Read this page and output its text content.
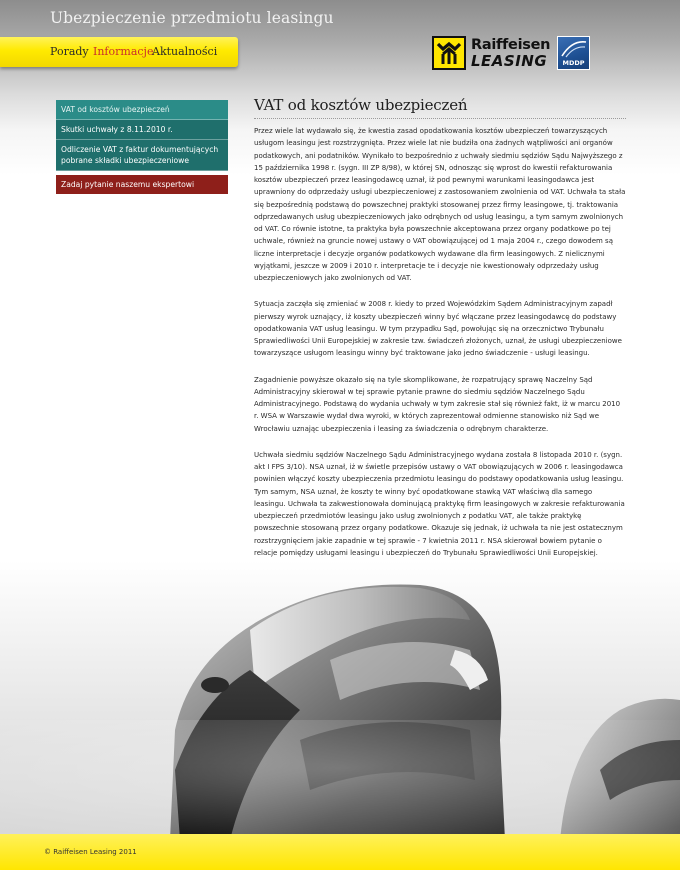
Ubezpieczenie przedmiotu leasingu
Porady Informacje
Aktualności	Raiffeisen
LEASING	MDDP
VAT od kosztów ubezpieczeń
Skutki uchwały z 8.11.2010 r.
Odliczenie VAT z faktur dokumentujących pobrane składki ubezpieczeniowe
Zadaj pytanie naszemu ekspertowi
VAT od kosztów ubezpieczeń

Przez wiele lat wydawało się, że kwestia zasad opodatkowania kosztów ubezpieczeń towarzyszących usługom leasingu jest rozstrzygnięta. Przez wiele lat nie budziła ona żadnych wątpliwości ani organów podatkowych, ani podatników. Wynikało to bezpośrednio z uchwały siedmiu sędziów Sądu Najwyższego z 15 października 1998 r. (sygn. III ZP 8/98), w której SN, odnosząc się wprost do kwestii refakturowania kosztów ubezpieczeń przez leasingodawcę uznał, iż pod pewnymi warunkami leasingodawca jest uprawniony do odprzedaży usługi ubezpieczeniowej z zastosowaniem zwolnienia od VAT. Uchwała ta stała się bezpośrednią podstawą do powszechnej praktyki stosowanej przez firmy leasingowe, tj. traktowania odprzedawanych usług ubezpieczeniowych jako odrębnych od usług leasingu, a tym samym zwolnionych od VAT. Co równie istotne, ta praktyka była powszechnie akceptowana przez organy podatkowe po tej uchwale, również na gruncie nowej ustawy o VAT obowiązującej od 1 maja 2004 r., czego dowodem są liczne interpretacje i decyzje organów podatkowych wydawane dla firm leasingowych. Z nielicznymi wyjątkami, jeszcze w 2009 i 2010 r. interpretacje te i decyzje nie kwestionowały odprzedaży usług ubezpieczeniowych jako zwolnionych od VAT.

Sytuacja zaczęła się zmieniać w 2008 r. kiedy to przed Wojewódzkim Sądem Administracyjnym zapadł pierwszy wyrok uznający, iż koszty ubezpieczeń winny być włączane przez leasingodawcę do podstawy opodatkowania VAT usług leasingu. W tym przypadku Sąd, powołując się na orzecznictwo Trybunału Sprawiedliwości Unii Europejskiej w zakresie tzw. świadczeń złożonych, uznał, że usługi ubezpieczeniowe towarzyszące usługom leasingu winny być traktowane jako jedno świadczenie - usługi leasingu.

Zagadnienie powyższe okazało się na tyle skomplikowane, że rozpatrujący sprawę Naczelny Sąd Administracyjny skierował w tej sprawie pytanie prawne do siedmiu sędziów Naczelnego Sądu Administracyjnego. Podstawą do wydania uchwały w tym zakresie stał się również fakt, iż w marcu 2010 r. WSA w Warszawie wydał dwa wyroki, w których zaprezentował odmienne stanowisko niż Sąd we Wrocławiu uznając ubezpieczenia i leasing za świadczenia o odrębnym charakterze.

Uchwała siedmiu sędziów Naczelnego Sądu Administracyjnego wydana została 8 listopada 2010 r. (sygn. akt I FPS 3/10). NSA uznał, iż w świetle przepisów ustawy o VAT obowiązujących w 2006 r. leasingodawca powinien włączyć koszty ubezpieczenia przedmiotu leasingu do podstawy opodatkowania usług leasingu. Tym samym, NSA uznał, że koszty te winny być opodatkowane stawką VAT właściwą dla samego leasingu. Uchwała ta zakwestionowała dominującą praktykę firm leasingowych w zakresie refakturowania ubezpieczeń przedmiotów leasingu jako usług zwolnionych z podatku VAT, ale także praktykę powszechnie stosowaną przez organy podatkowe. Okazuje się jednak, iż uchwała ta nie jest ostatecznym rozstrzygnięciem jakie zapadnie w tej sprawie - 7 kwietnia 2011 r. NSA skierował bowiem pytanie o relacje pomiędzy usługami leasingu i ubezpieczeń do Trybunału Sprawiedliwości Unii Europejskiej.

© Raiffeisen Leasing 2011
